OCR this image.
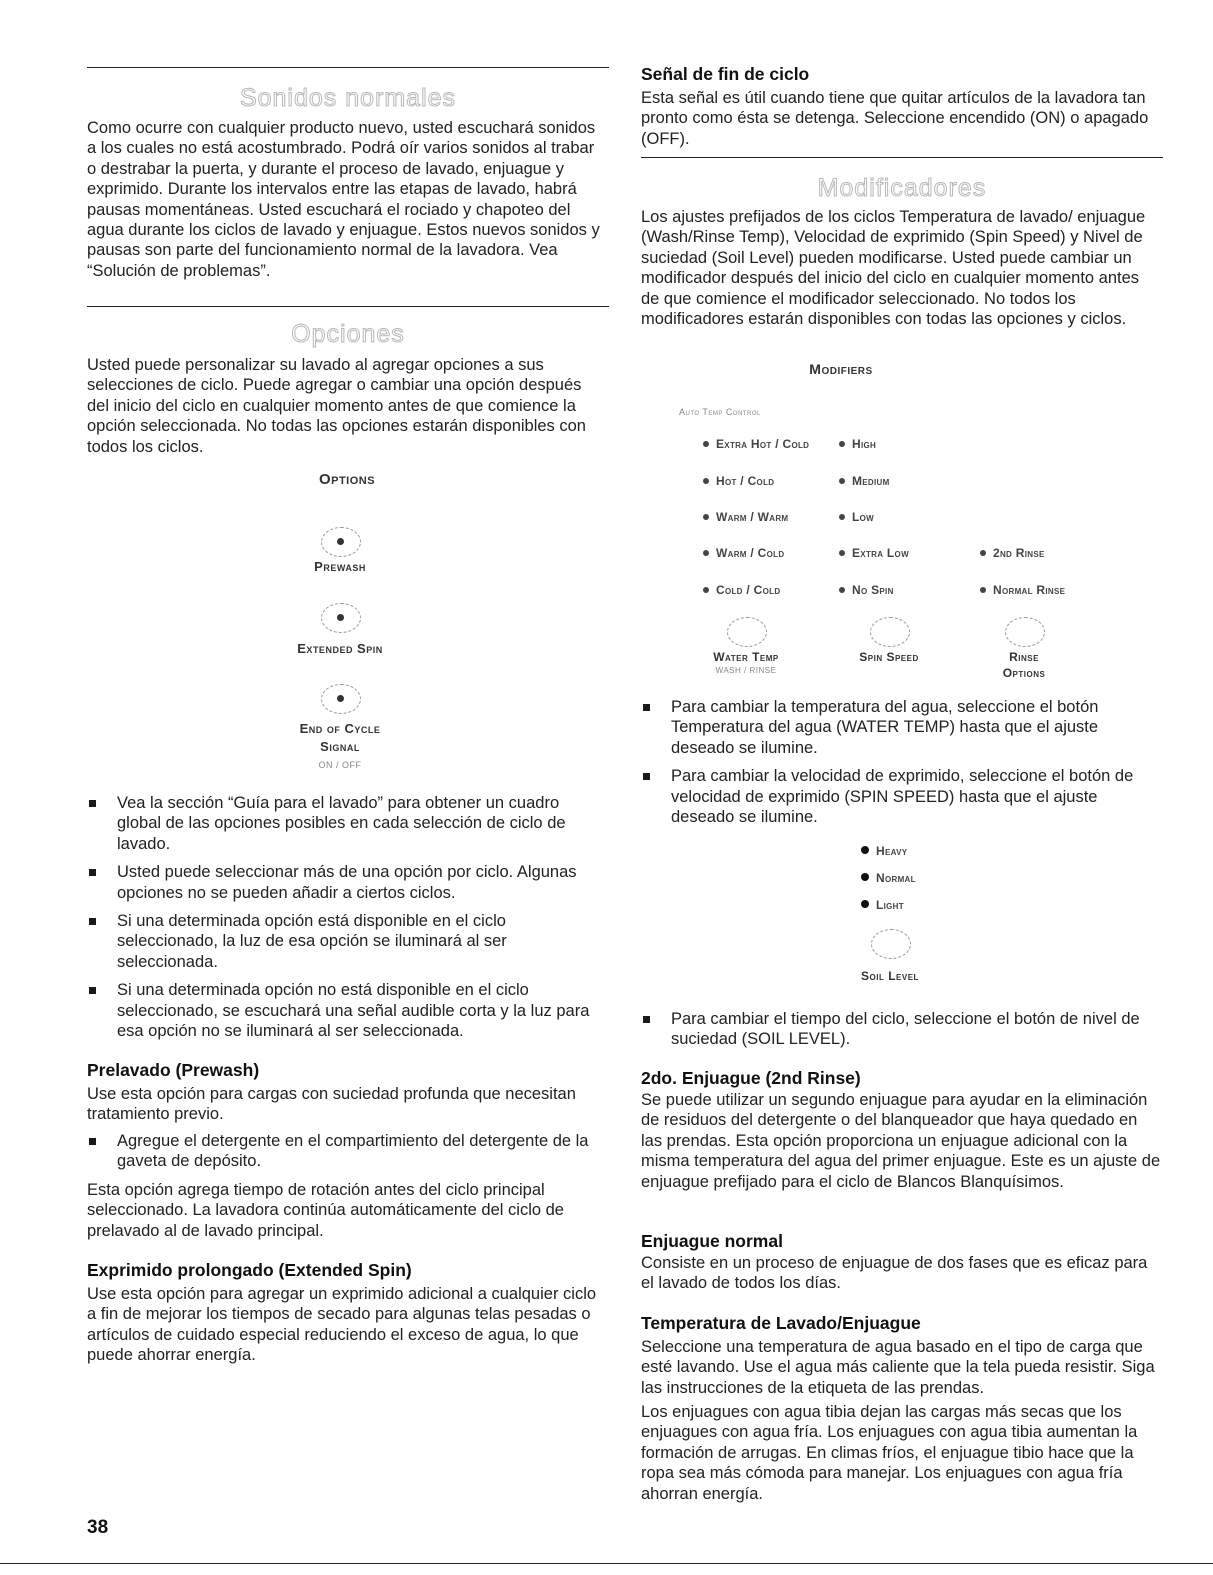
Sonidos normales

Como ocurre con cualquier producto nuevo, usted escuchará sonidos a los cuales no está acostumbrado. Podrá oír varios sonidos al trabar o destrabar la puerta, y durante el proceso de lavado, enjuague y exprimido. Durante los intervalos entre las etapas de lavado, habrá pausas momentáneas. Usted escuchará el rociado y chapoteo del agua durante los ciclos de lavado y enjuague. Estos nuevos sonidos y pausas son parte del funcionamiento normal de la lavadora. Vea “Solución de problemas”.

Opciones

Usted puede personalizar su lavado al agregar opciones a sus selecciones de ciclo. Puede agregar o cambiar una opción después del inicio del ciclo en cualquier momento antes de que comience la opción seleccionada. No todas las opciones estarán disponibles con todos los ciclos.

Options
Prewash
Extended Spin
End of Cycle
Signal
ON / OFF
Vea la sección “Guía para el lavado” para obtener un cuadro global de las opciones posibles en cada selección de ciclo de lavado.
Usted puede seleccionar más de una opción por ciclo. Algunas opciones no se pueden añadir a ciertos ciclos.
Si una determinada opción está disponible en el ciclo seleccionado, la luz de esa opción se iluminará al ser seleccionada.
Si una determinada opción no está disponible en el ciclo seleccionado, se escuchará una señal audible corta y la luz para esa opción no se iluminará al ser seleccionada.
Prelavado (Prewash)

Use esta opción para cargas con suciedad profunda que necesitan tratamiento previo.

Agregue el detergente en el compartimiento del detergente de la gaveta de depósito.

Esta opción agrega tiempo de rotación antes del ciclo principal seleccionado. La lavadora continúa automáticamente del ciclo de prelavado al de lavado principal.

Exprimido prolongado (Extended Spin)

Use esta opción para agregar un exprimido adicional a cualquier ciclo a fin de mejorar los tiempos de secado para algunas telas pesadas o artículos de cuidado especial reduciendo el exceso de agua, lo que puede ahorrar energía.

Señal de fin de ciclo

Esta señal es útil cuando tiene que quitar artículos de la lavadora tan pronto como ésta se detenga. Seleccione encendido (ON) o apagado (OFF).

Modificadores

Los ajustes prefijados de los ciclos Temperatura de lavado/ enjuague (Wash/Rinse Temp), Velocidad de exprimido (Spin Speed) y Nivel de suciedad (Soil Level) pueden modificarse. Usted puede cambiar un modificador después del inicio del ciclo en cualquier momento antes de que comience el modificador seleccionado. No todos los modificadores estarán disponibles con todas las opciones y ciclos.

Modifiers
Auto Temp Control
Extra Hot / Cold
Hot / Cold
Warm / Warm
Warm / Cold
Cold / Cold
High
Medium
Low
Extra Low
No Spin
2nd Rinse
Normal Rinse
Water Temp
WASH / RINSE
Spin Speed	Rinse
Options
Para cambiar la temperatura del agua, seleccione el botón Temperatura del agua (WATER TEMP) hasta que el ajuste deseado se ilumine.
Para cambiar la velocidad de exprimido, seleccione el botón de velocidad de exprimido (SPIN SPEED) hasta que el ajuste deseado se ilumine.
Heavy
Normal
Light
Soil Level
Para cambiar el tiempo del ciclo, seleccione el botón de nivel de suciedad (SOIL LEVEL).
2do. Enjuague (2nd Rinse)

Se puede utilizar un segundo enjuague para ayudar en la eliminación de residuos del detergente o del blanqueador que haya quedado en las prendas. Esta opción proporciona un enjuague adicional con la misma temperatura del agua del primer enjuague. Este es un ajuste de enjuague prefijado para el ciclo de Blancos Blanquísimos.

Enjuague normal

Consiste en un proceso de enjuague de dos fases que es eficaz para el lavado de todos los días.

Temperatura de Lavado/Enjuague

Seleccione una temperatura de agua basado en el tipo de carga que esté lavando. Use el agua más caliente que la tela pueda resistir. Siga las instrucciones de la etiqueta de las prendas.

Los enjuagues con agua tibia dejan las cargas más secas que los enjuagues con agua fría. Los enjuagues con agua tibia aumentan la formación de arrugas. En climas fríos, el enjuague tibio hace que la ropa sea más cómoda para manejar. Los enjuagues con agua fría ahorran energía.

38
